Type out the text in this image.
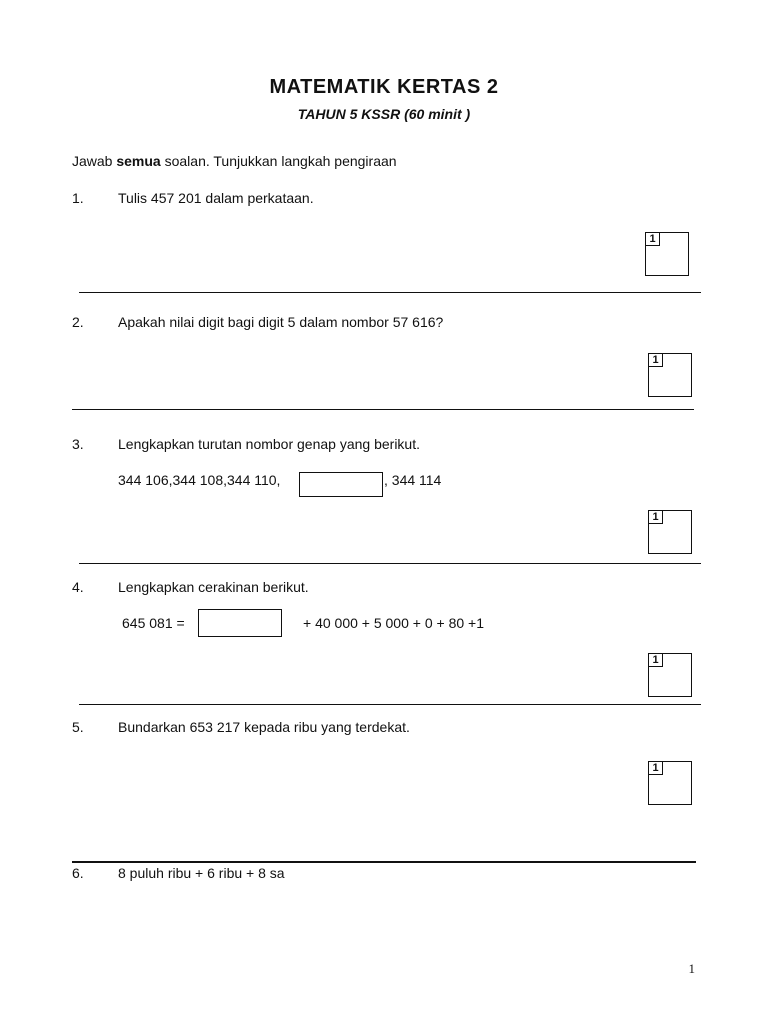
MATEMATIK KERTAS 2
TAHUN 5 KSSR (60 minit )
Jawab semua soalan. Tunjukkan langkah pengiraan
1. Tulis 457 201 dalam perkataan.
1
2. Apakah nilai digit bagi digit 5 dalam nombor 57 616?
1
3. Lengkapkan turutan nombor genap yang berikut.
344 106,344 108,344 110,	, 344 114
1
4. Lengkapkan cerakinan berikut.
645 081 =	+ 40 000 + 5 000 + 0 + 80 +1
1
5. Bundarkan 653 217 kepada ribu yang terdekat.
1
6. 8 puluh ribu + 6 ribu + 8 sa
1
